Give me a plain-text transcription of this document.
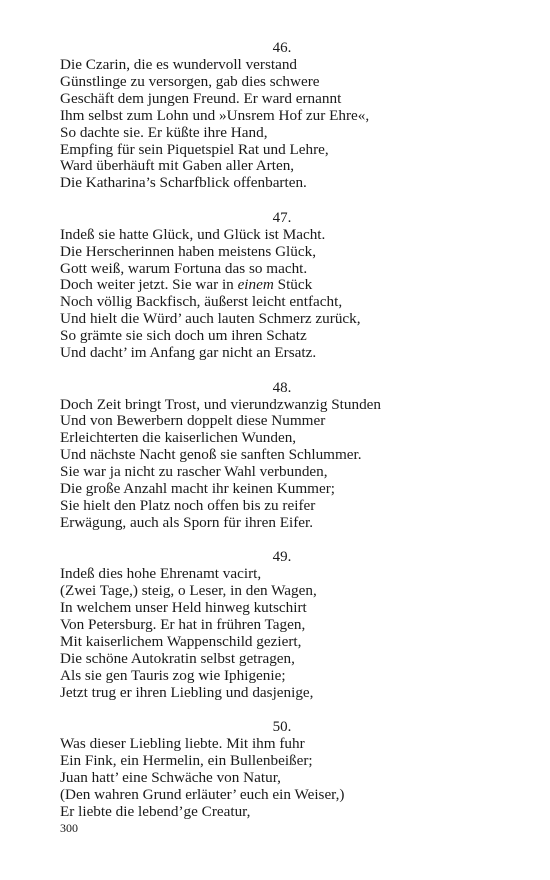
46.
Die Czarin, die es wundervoll verstand
Günstlinge zu versorgen, gab dies schwere
Geschäft dem jungen Freund. Er ward ernannt
Ihm selbst zum Lohn und »Unsrem Hof zur Ehre«,
So dachte sie. Er küßte ihre Hand,
Empfing für sein Piquetspiel Rat und Lehre,
Ward überhäuft mit Gaben aller Arten,
Die Katharina’s Scharfblick offenbarten.
47.
Indeß sie hatte Glück, und Glück ist Macht.
Die Herscherinnen haben meistens Glück,
Gott weiß, warum Fortuna das so macht.
Doch weiter jetzt. Sie war in einem Stück
Noch völlig Backfisch, äußerst leicht entfacht,
Und hielt die Würd’ auch lauten Schmerz zurück,
So grämte sie sich doch um ihren Schatz
Und dacht’ im Anfang gar nicht an Ersatz.
48.
Doch Zeit bringt Trost, und vierundzwanzig Stunden
Und von Bewerbern doppelt diese Nummer
Erleichterten die kaiserlichen Wunden,
Und nächste Nacht genoß sie sanften Schlummer.
Sie war ja nicht zu rascher Wahl verbunden,
Die große Anzahl macht ihr keinen Kummer;
Sie hielt den Platz noch offen bis zu reifer
Erwägung, auch als Sporn für ihren Eifer.
49.
Indeß dies hohe Ehrenamt vacirt,
(Zwei Tage,) steig, o Leser, in den Wagen,
In welchem unser Held hinweg kutschirt
Von Petersburg. Er hat in frühren Tagen,
Mit kaiserlichem Wappenschild geziert,
Die schöne Autokratin selbst getragen,
Als sie gen Tauris zog wie Iphigenie;
Jetzt trug er ihren Liebling und dasjenige,
50.
Was dieser Liebling liebte. Mit ihm fuhr
Ein Fink, ein Hermelin, ein Bullenbeißer;
Juan hatt’ eine Schwäche von Natur,
(Den wahren Grund erläuter’ euch ein Weiser,)
Er liebte die lebend’ge Creatur,
300
